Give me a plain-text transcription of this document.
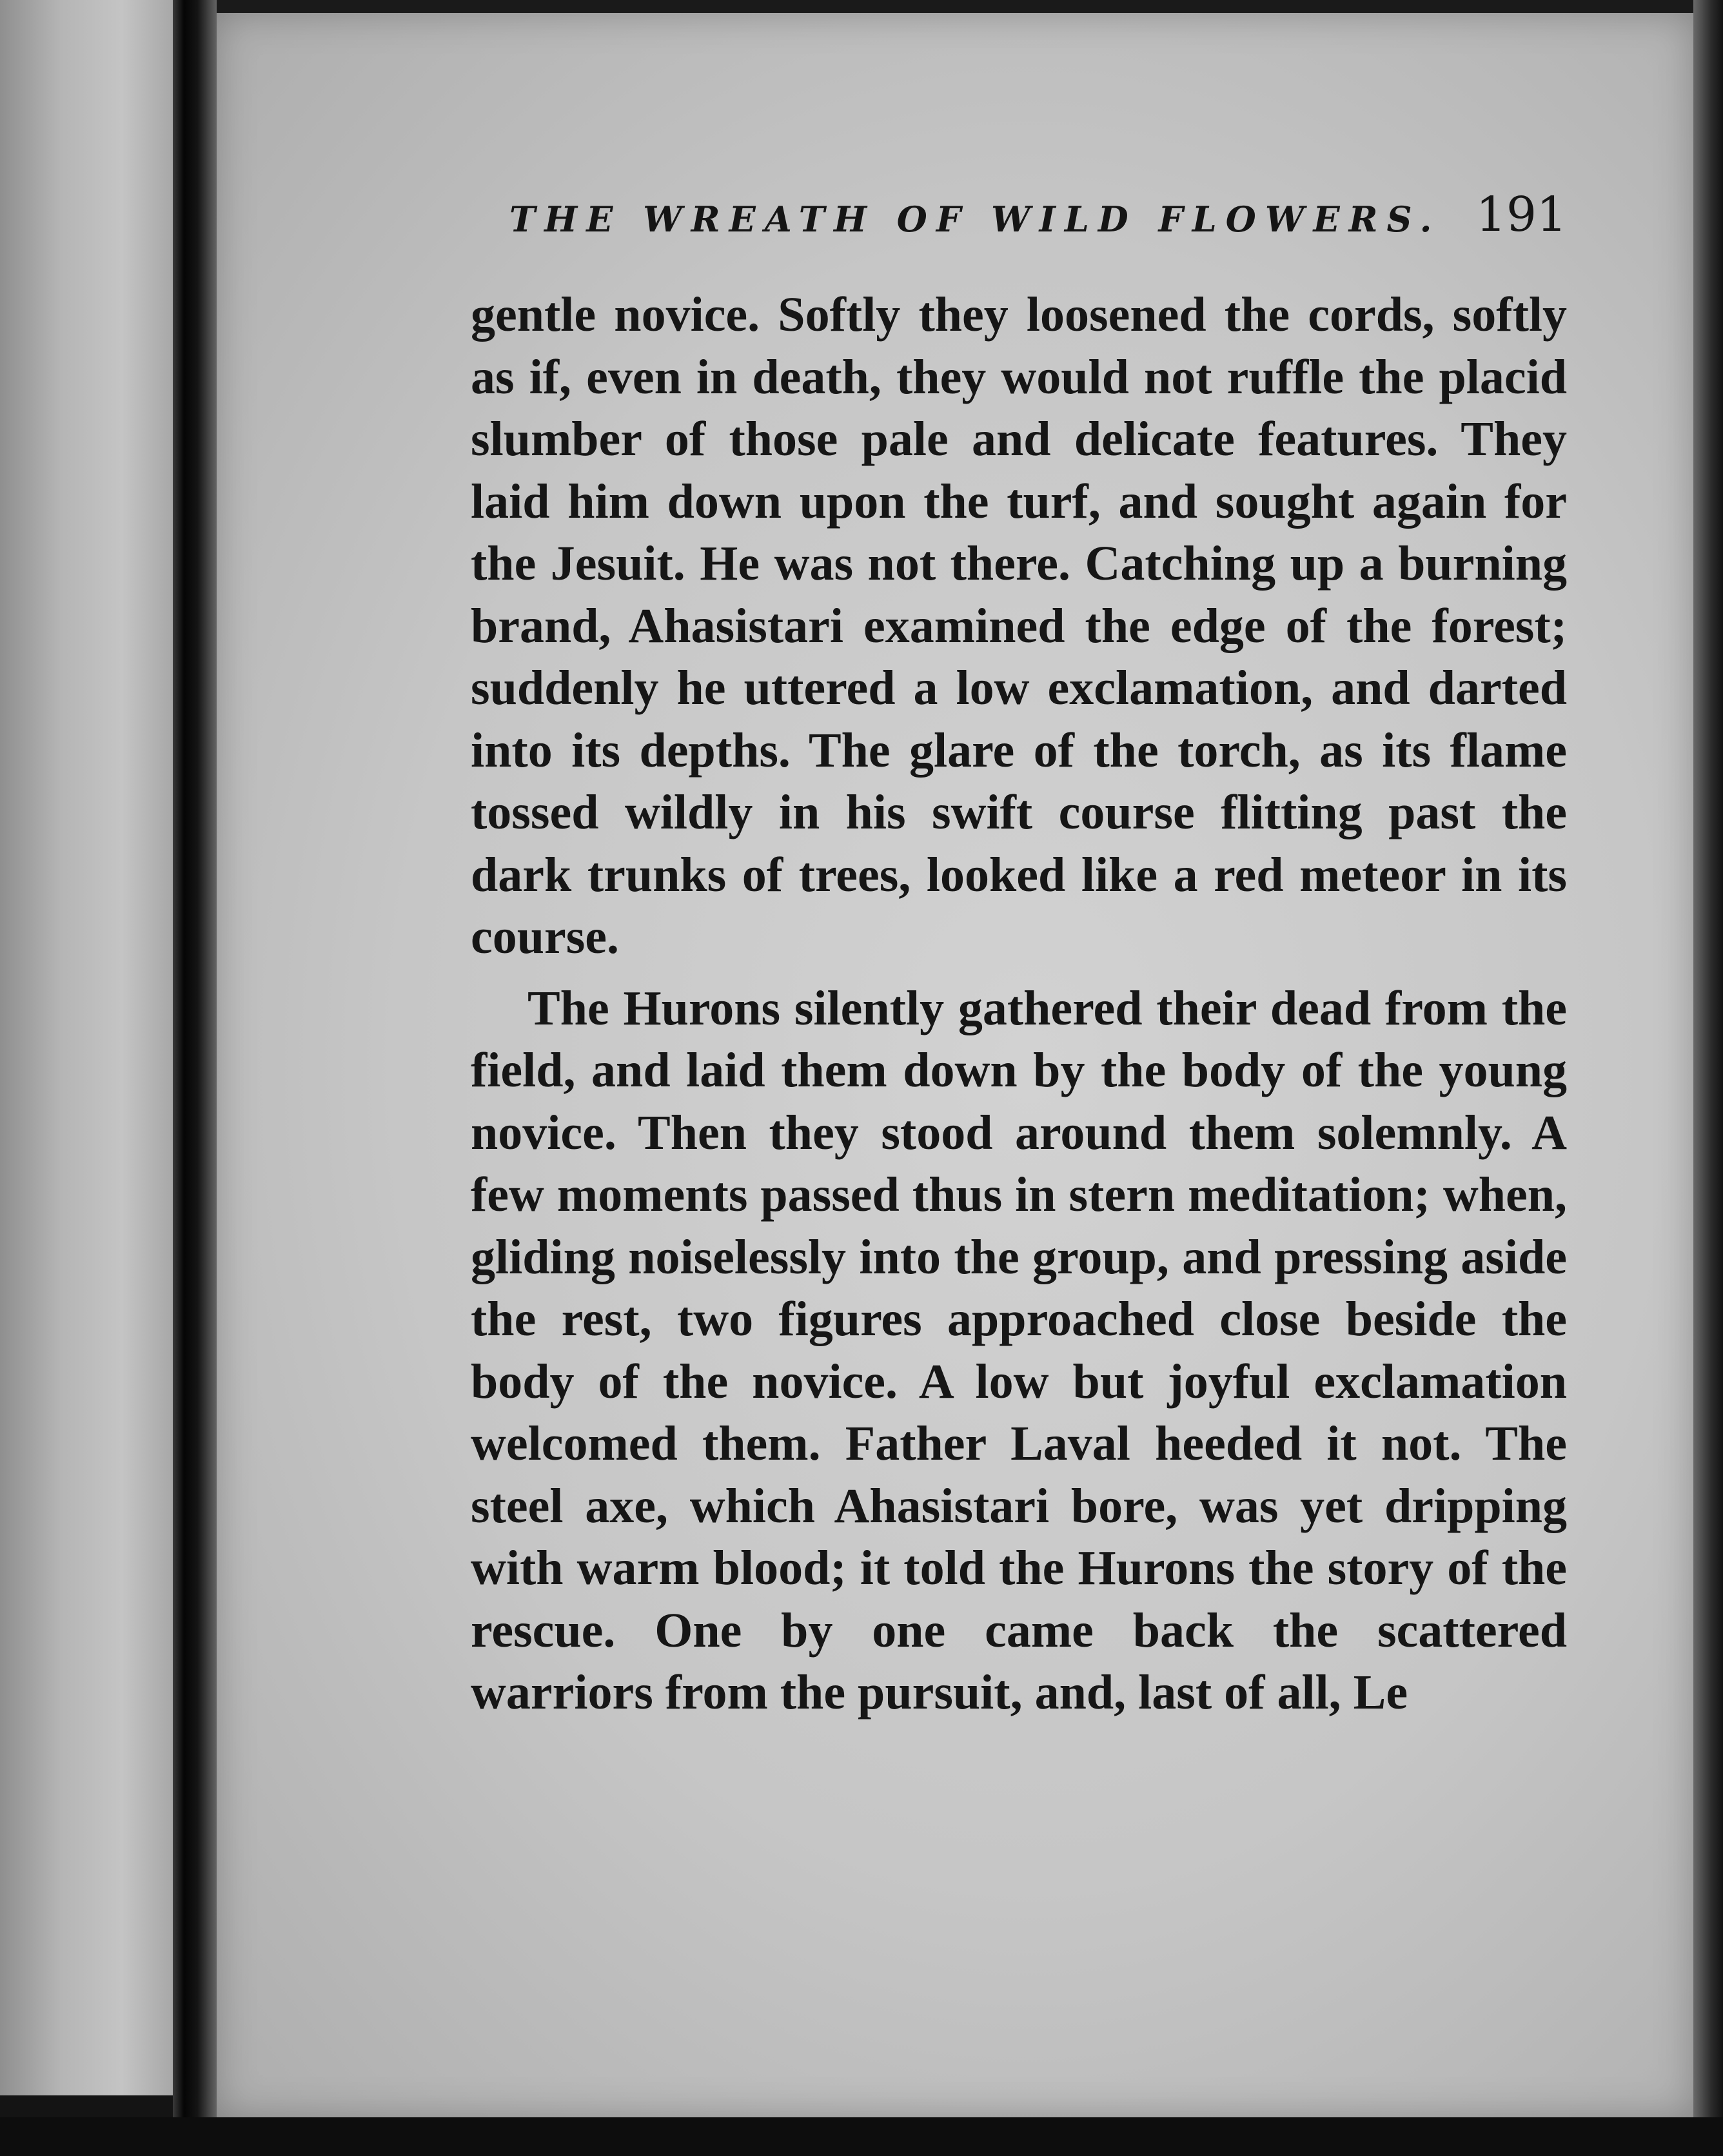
THE WREATH OF WILD FLOWERS. 191

gentle novice. Softly they loosened the cords, softly as if, even in death, they would not ruffle the placid slumber of those pale and delicate features. They laid him down upon the turf, and sought again for the Jesuit. He was not there. Catching up a burning brand, Ahasistari examined the edge of the forest; suddenly he uttered a low exclamation, and darted into its depths. The glare of the torch, as its flame tossed wildly in his swift course flitting past the dark trunks of trees, looked like a red meteor in its course.

The Hurons silently gathered their dead from the field, and laid them down by the body of the young novice. Then they stood around them solemnly. A few moments passed thus in stern meditation; when, gliding noiselessly into the group, and pressing aside the rest, two figures approached close beside the body of the novice. A low but joyful exclamation welcomed them. Father Laval heeded it not. The steel axe, which Ahasistari bore, was yet dripping with warm blood; it told the Hurons the story of the rescue. One by one came back the scattered warriors from the pursuit, and, last of all, Le
